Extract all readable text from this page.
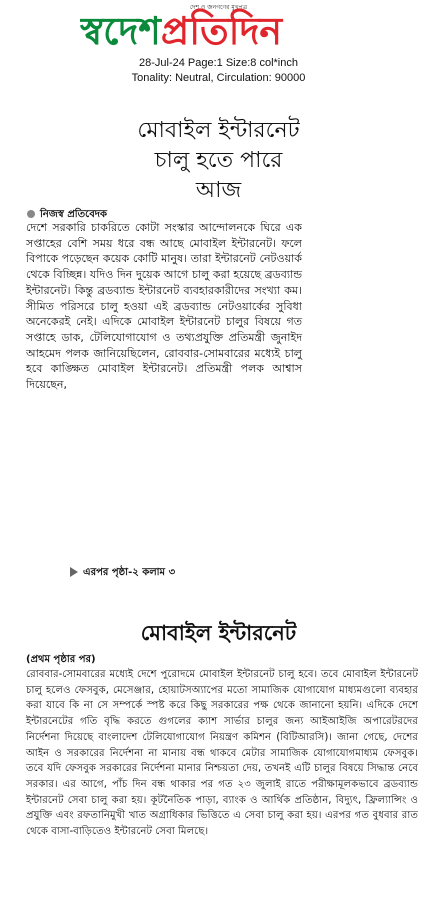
দেশ ও জনগণের মুখপত্র
স্বদেশপ্রতিদিন
28-Jul-24 Page:1 Size:8 col*inch
Tonality: Neutral, Circulation: 90000
মোবাইল ইন্টারনেট
চালু হতে পারে
আজ
নিজস্ব প্রতিবেদক
দেশে সরকারি চাকরিতে কোটা সংস্কার আন্দোলনকে ঘিরে এক সপ্তাহের বেশি সময় ধরে বন্ধ আছে মোবাইল ইন্টারনেট। ফলে বিপাকে পড়েছেন কয়েক কোটি মানুষ। তারা ইন্টারনেট নেটওয়ার্ক থেকে বিচ্ছিন্ন। যদিও দিন দুয়েক আগে চালু করা হয়েছে ব্রডব্যান্ড ইন্টারনেট। কিন্তু ব্রডব্যান্ড ইন্টারনেট ব্যবহারকারীদের সংখ্যা কম। সীমিত পরিসরে চালু হওয়া এই ব্রডব্যান্ড নেটওয়ার্কের সুবিধা অনেকেরই নেই। এদিকে মোবাইল ইন্টারনেট চালুর বিষয়ে গত সপ্তাহে ডাক, টেলিযোগাযোগ ও তথ্যপ্রযুক্তি প্রতিমন্ত্রী জুনাইদ আহমেদ পলক জানিয়েছিলেন, রোববার-সোমবারের মধ্যেই চালু হবে কাঙ্ক্ষিত মোবাইল ইন্টারনেট। প্রতিমন্ত্রী পলক আশ্বাস দিয়েছেন,
এরপর পৃষ্ঠা-২ কলাম ৩
মোবাইল ইন্টারনেট
(প্রথম পৃষ্ঠার পর)
রোববার-সোমবারের মধ্যেই দেশে পুরোদমে মোবাইল ইন্টারনেট চালু হবে। তবে মোবাইল ইন্টারনেট চালু হলেও ফেসবুক, মেসেঞ্জার, হোয়াটসঅ্যাপের মতো সামাজিক যোগাযোগ মাধ্যমগুলো ব্যবহার করা যাবে কি না সে সম্পর্কে স্পষ্ট করে কিছু সরকারের পক্ষ থেকে জানানো হয়নি। এদিকে দেশে ইন্টারনেটের গতি বৃদ্ধি করতে গুগলের ক্যাশ সার্ভার চালুর জন্য আইআইজি অপারেটরদের নির্দেশনা দিয়েছে বাংলাদেশ টেলিযোগাযোগ নিয়ন্ত্রণ কমিশন (বিটিআরসি)। জানা গেছে, দেশের আইন ও সরকারের নির্দেশনা না মানায় বন্ধ থাকবে মেটার সামাজিক যোগাযোগমাধ্যম ফেসবুক। তবে যদি ফেসবুক সরকারের নির্দেশনা মানার নিশ্চয়তা দেয়, তখনই এটি চালুর বিষয়ে সিদ্ধান্ত নেবে সরকার। এর আগে, পাঁচ দিন বন্ধ থাকার পর গত ২৩ জুলাই রাতে পরীক্ষামূলকভাবে ব্রডব্যান্ড ইন্টারনেট সেবা চালু করা হয়। কূটনৈতিক পাড়া, ব্যাংক ও আর্থিক প্রতিষ্ঠান, বিদ্যুৎ, ফ্রিল্যান্সিং ও প্রযুক্তি এবং রফতানিমুখী খাত অগ্রাধিকার ভিত্তিতে এ সেবা চালু করা হয়। এরপর গত বুধবার রাত থেকে বাসা-বাড়িতেও ইন্টারনেট সেবা মিলছে।
